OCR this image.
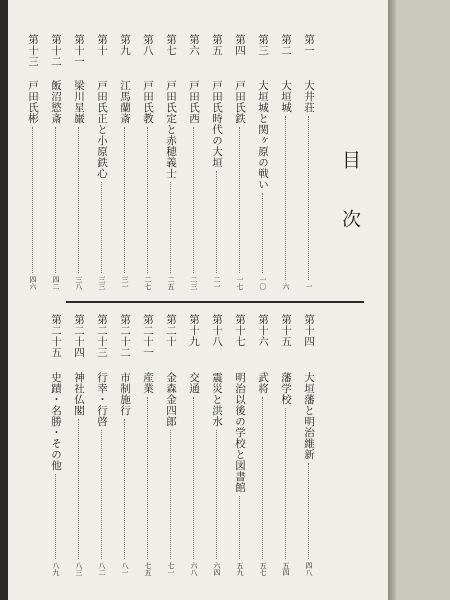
目次
第一
大井荘
一
第二
大垣城
六
第三
大垣城と関ヶ原の戦い
一〇
第四
戸田氏鉄
一七
第五
戸田氏時代の大垣
二一
第六
戸田氏西
二三
第七
戸田氏定と赤穂義士
二五
第八
戸田氏教
二七
第九
江馬蘭斎
三一
第十
戸田氏正と小原鉄心
三三
第十一
梁川星巌
三八
第十二
飯沼慾斎
四二
第十三
戸田氏彬
四六
第十四
大垣藩と明治維新
四八
第十五
藩学校
五四
第十六
武将
五七
第十七
明治以後の学校と図書館
五九
第十八
震災と洪水
六四
第十九
交通
六八
第二十
金森金四郎
七一
第二十一
産業
七五
第二十二
市制施行
八一
第二十三
行幸・行啓
八二
第二十四
神社仏閣
八三
第二十五
史蹟・名勝・その他
八九
